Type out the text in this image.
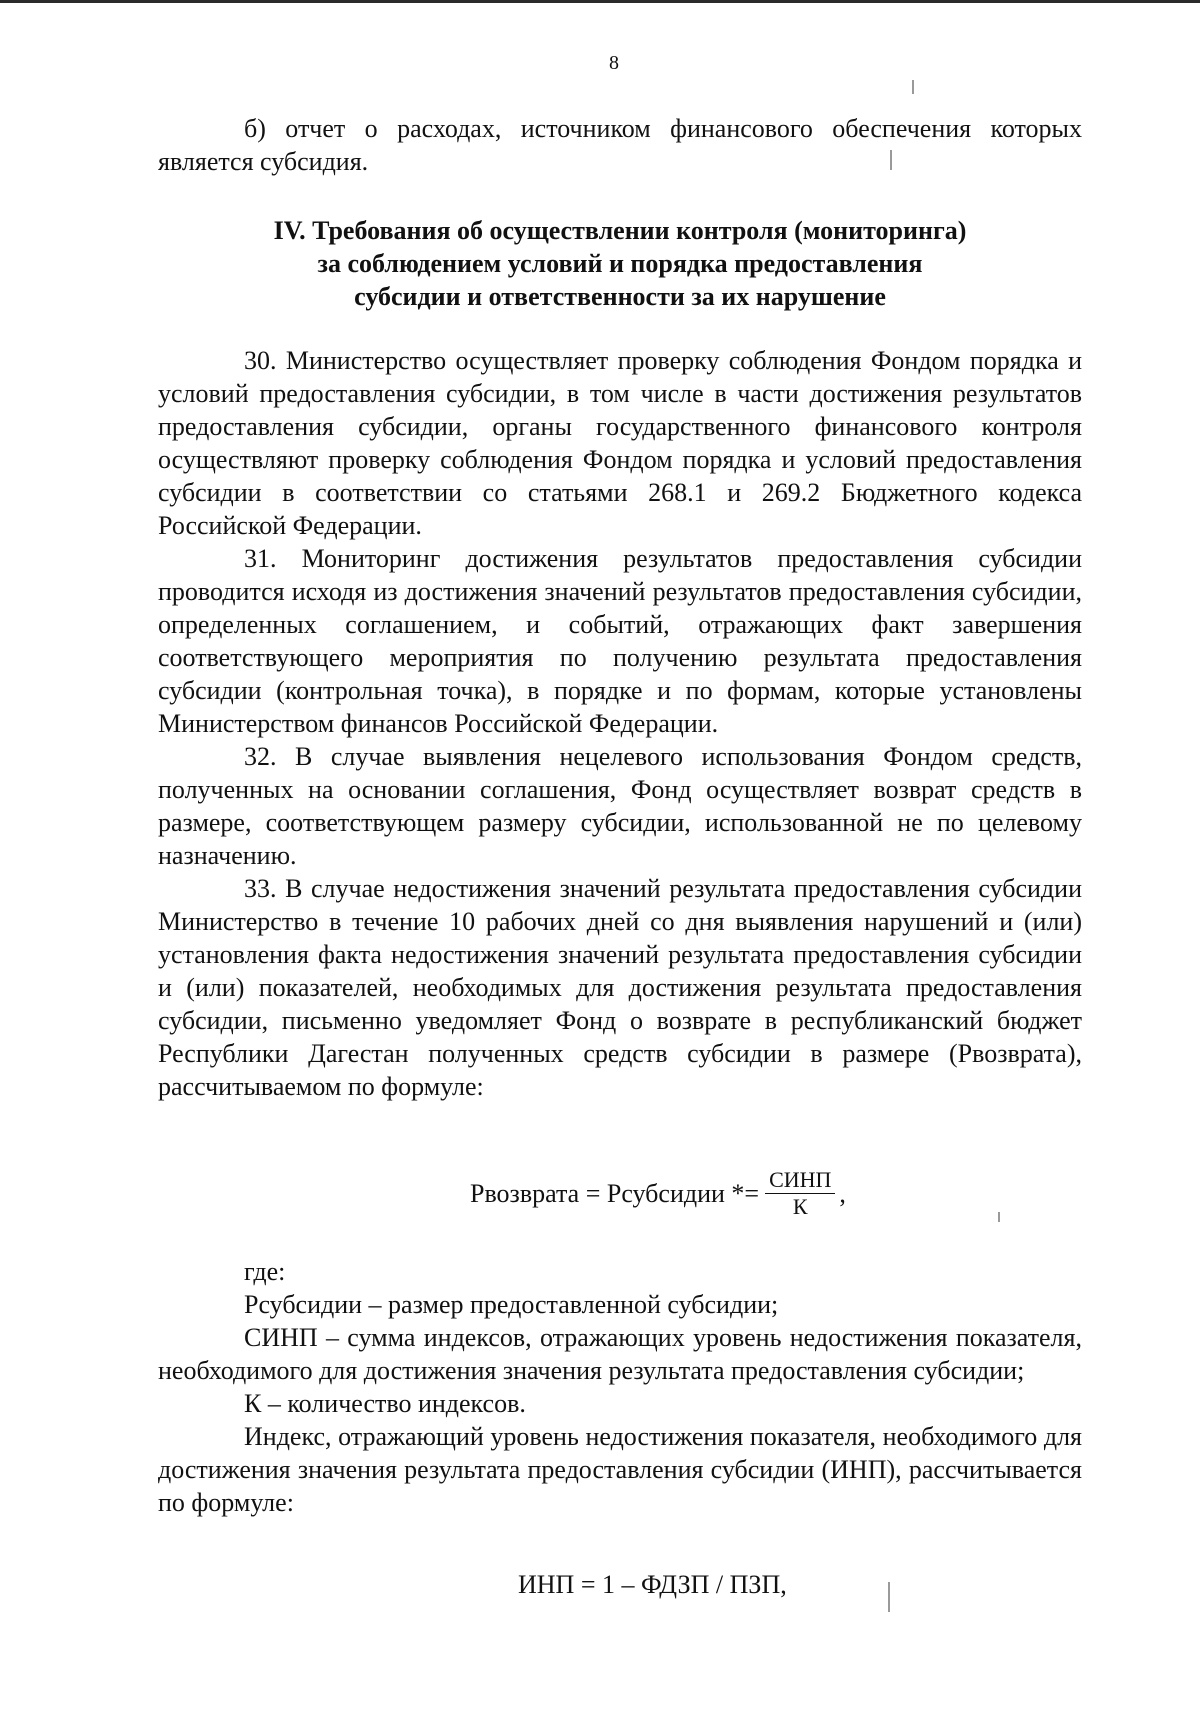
8

б) отчет о расходах, источником финансового обеспечения которых является субсидия.

IV. Требования об осуществлении контроля (мониторинга)
за соблюдением условий и порядка предоставления
субсидии и ответственности за их нарушение

30. Министерство осуществляет проверку соблюдения Фондом порядка и условий предоставления субсидии, в том числе в части достижения результатов предоставления субсидии, органы государственного финансового контроля осуществляют проверку соблюдения Фондом порядка и условий предоставления субсидии в соответствии со статьями 268.1 и 269.2 Бюджетного кодекса Российской Федерации.

31. Мониторинг достижения результатов предоставления субсидии проводится исходя из достижения значений результатов предоставления субсидии, определенных соглашением, и событий, отражающих факт завершения соответствующего мероприятия по получению результата предоставления субсидии (контрольная точка), в порядке и по формам, которые установлены Министерством финансов Российской Федерации.

32. В случае выявления нецелевого использования Фондом средств, полученных на основании соглашения, Фонд осуществляет возврат средств в размере, соответствующем размеру субсидии, использованной не по целевому назначению.

33. В случае недостижения значений результата предоставления субсидии Министерство в течение 10 рабочих дней со дня выявления нарушений и (или) установления факта недостижения значений результата предоставления субсидии и (или) показателей, необходимых для достижения результата предоставления субсидии, письменно уведомляет Фонд о возврате в республиканский бюджет Республики Дагестан полученных средств субсидии в размере (Рвозврата), рассчитываемом по формуле:

Рвозврата = Рсубсидии *= $\frac{\text{СИНП}}{К}$ ,

где:

Рсубсидии – размер предоставленной субсидии;

СИНП – сумма индексов, отражающих уровень недостижения показателя, необходимого для достижения значения результата предоставления субсидии;

К – количество индексов.

Индекс, отражающий уровень недостижения показателя, необходимого для достижения значения результата предоставления субсидии (ИНП), рассчитывается по формуле:

ИНП = 1 – ФДЗП / ПЗП,
